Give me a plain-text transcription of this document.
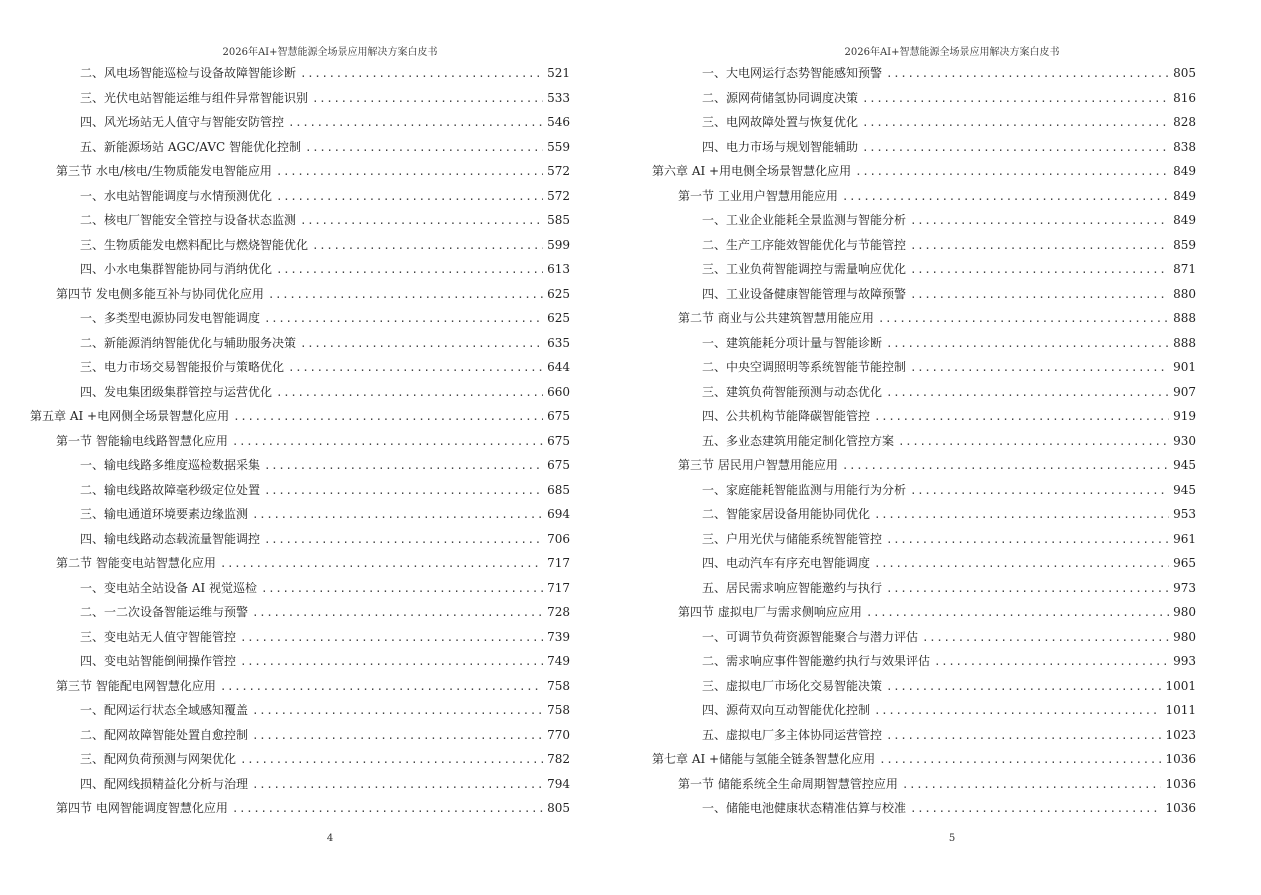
2026年AI+智慧能源全场景应用解决方案白皮书
二、风电场智能巡检与设备故障智能诊断 .....	521
三、光伏电站智能运维与组件异常智能识别 .....	533
四、风光场站无人值守与智能安防管控 .....	546
五、新能源场站 AGC/AVC 智能优化控制 .....	559
第三节 水电/核电/生物质能发电智能应用 .....	572
一、水电站智能调度与水情预测优化 .....	572
二、核电厂智能安全管控与设备状态监测 .....	585
三、生物质能发电燃料配比与燃烧智能优化 .....	599
四、小水电集群智能协同与消纳优化 .....	613
第四节 发电侧多能互补与协同优化应用 .....	625
一、多类型电源协同发电智能调度 .....	625
二、新能源消纳智能优化与辅助服务决策 .....	635
三、电力市场交易智能报价与策略优化 .....	644
四、发电集团级集群管控与运营优化 .....	660
第五章 AI +电网侧全场景智慧化应用 .....	675
第一节 智能输电线路智慧化应用 .....	675
一、输电线路多维度巡检数据采集 .....	675
二、输电线路故障毫秒级定位处置 .....	685
三、输电通道环境要素边缘监测 .....	694
四、输电线路动态载流量智能调控 .....	706
第二节 智能变电站智慧化应用 .....	717
一、变电站全站设备 AI 视觉巡检 .....	717
二、一二次设备智能运维与预警 .....	728
三、变电站无人值守智能管控 .....	739
四、变电站智能倒闸操作管控 .....	749
第三节 智能配电网智慧化应用 .....	758
一、配网运行状态全域感知覆盖 .....	758
二、配网故障智能处置自愈控制 .....	770
三、配网负荷预测与网架优化 .....	782
四、配网线损精益化分析与治理 .....	794
第四节 电网智能调度智慧化应用 .....	805
4
2026年AI+智慧能源全场景应用解决方案白皮书
一、大电网运行态势智能感知预警 .....	805
二、源网荷储氢协同调度决策 .....	816
三、电网故障处置与恢复优化 .....	828
四、电力市场与规划智能辅助 .....	838
第六章 AI +用电侧全场景智慧化应用 .....	849
第一节 工业用户智慧用能应用 .....	849
一、工业企业能耗全景监测与智能分析 .....	849
二、生产工序能效智能优化与节能管控 .....	859
三、工业负荷智能调控与需量响应优化 .....	871
四、工业设备健康智能管理与故障预警 .....	880
第二节 商业与公共建筑智慧用能应用 .....	888
一、建筑能耗分项计量与智能诊断 .....	888
二、中央空调照明等系统智能节能控制 .....	901
三、建筑负荷智能预测与动态优化 .....	907
四、公共机构节能降碳智能管控 .....	919
五、多业态建筑用能定制化管控方案 .....	930
第三节 居民用户智慧用能应用 .....	945
一、家庭能耗智能监测与用能行为分析 .....	945
二、智能家居设备用能协同优化 .....	953
三、户用光伏与储能系统智能管控 .....	961
四、电动汽车有序充电智能调度 .....	965
五、居民需求响应智能邀约与执行 .....	973
第四节 虚拟电厂与需求侧响应应用 .....	980
一、可调节负荷资源智能聚合与潜力评估 .....	980
二、需求响应事件智能邀约执行与效果评估 .....	993
三、虚拟电厂市场化交易智能决策 .....	1001
四、源荷双向互动智能优化控制 .....	1011
五、虚拟电厂多主体协同运营管控 .....	1023
第七章 AI +储能与氢能全链条智慧化应用 .....	1036
第一节 储能系统全生命周期智慧管控应用 .....	1036
一、储能电池健康状态精准估算与校准 .....	1036
5
